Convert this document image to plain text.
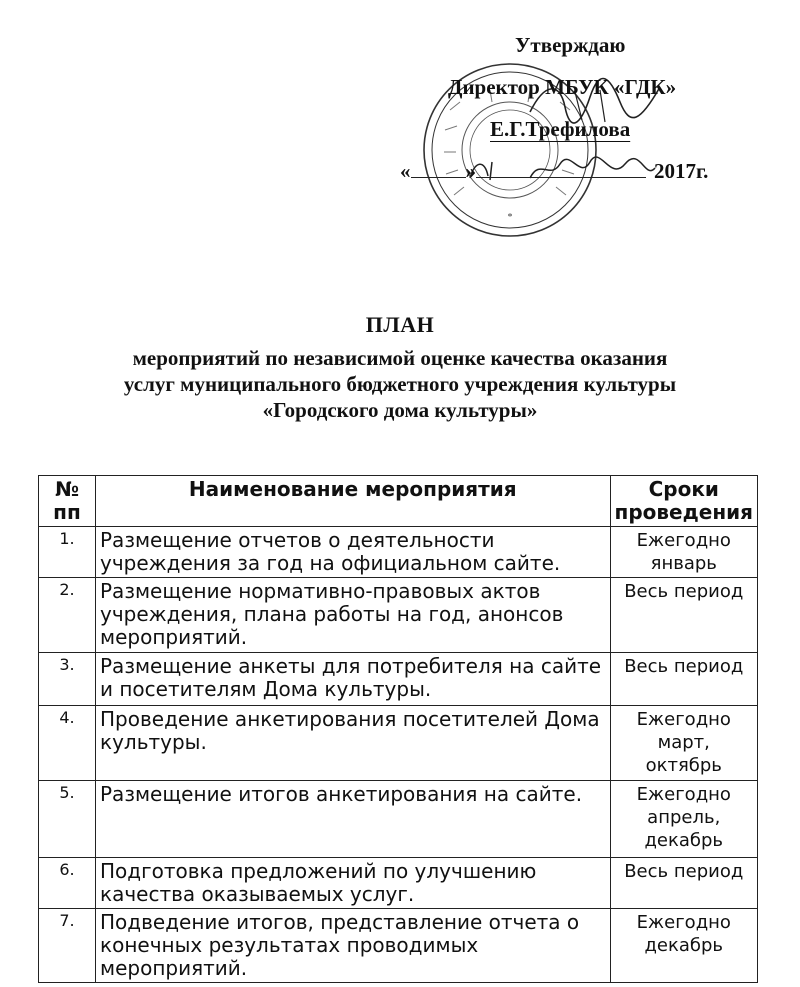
*
Утверждаю
Директор МБУК «ГДК»
Е.Г.Трефилова
«	»	2017г.
ПЛАН
мероприятий по независимой оценке качества оказания
услуг муниципального бюджетного учреждения культуры
«Городского дома культуры»
№
пп	Наименование мероприятия	Сроки
проведения
1.	Размещение отчетов о деятельности учреждения за год на официальном сайте.	Ежегодно
январь
2.	Размещение нормативно-правовых актов учреждения, плана работы на год, анонсов мероприятий.	Весь период
3.	Размещение анкеты для потребителя на сайте и посетителям Дома культуры.	Весь период
4.	Проведение анкетирования посетителей Дома культуры.	Ежегодно
март,
октябрь
5.	Размещение итогов анкетирования на сайте.	Ежегодно
апрель,
декабрь
6.	Подготовка предложений по улучшению качества оказываемых услуг.	Весь период
7.	Подведение итогов, представление отчета о конечных результатах проводимых мероприятий.	Ежегодно
декабрь
